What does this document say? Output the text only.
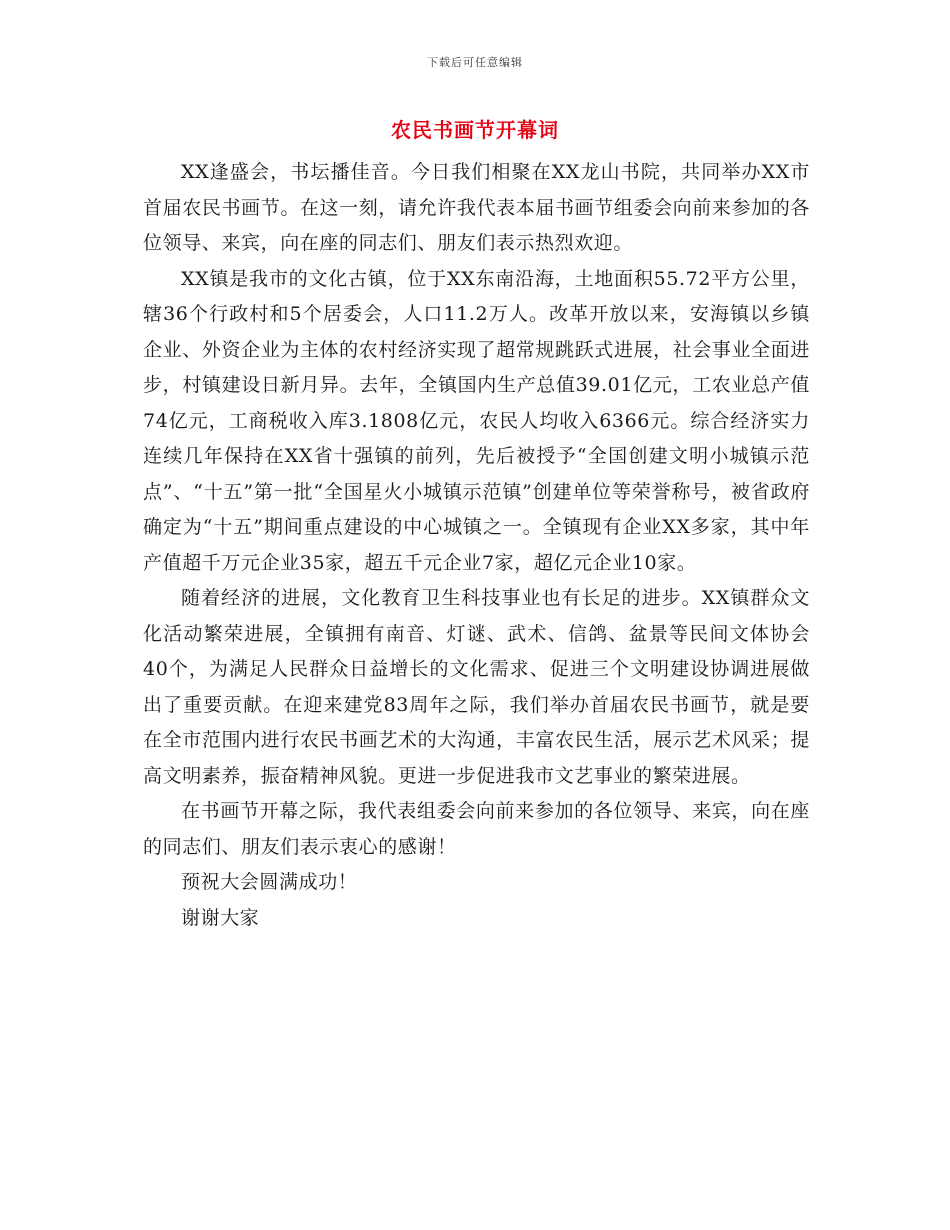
下载后可任意编辑
农民书画节开幕词

XX逢盛会，书坛播佳音。今日我们相聚在XX龙山书院，共同举办XX市首届农民书画节。在这一刻，请允许我代表本届书画节组委会向前来参加的各位领导、来宾，向在座的同志们、朋友们表示热烈欢迎。

XX镇是我市的文化古镇，位于XX东南沿海，土地面积55.72平方公里，辖36个行政村和5个居委会，人口11.2万人。改革开放以来，安海镇以乡镇企业、外资企业为主体的农村经济实现了超常规跳跃式进展，社会事业全面进步，村镇建设日新月异。去年，全镇国内生产总值39.01亿元，工农业总产值74亿元，工商税收入库3.1808亿元，农民人均收入6366元。综合经济实力连续几年保持在XX省十强镇的前列，先后被授予“全国创建文明小城镇示范点”、“十五”第一批“全国星火小城镇示范镇”创建单位等荣誉称号，被省政府确定为“十五”期间重点建设的中心城镇之一。全镇现有企业XX多家，其中年产值超千万元企业35家，超五千元企业7家，超亿元企业10家。

随着经济的进展，文化教育卫生科技事业也有长足的进步。XX镇群众文化活动繁荣进展，全镇拥有南音、灯谜、武术、信鸽、盆景等民间文体协会40个，为满足人民群众日益增长的文化需求、促进三个文明建设协调进展做出了重要贡献。在迎来建党83周年之际，我们举办首届农民书画节，就是要在全市范围内进行农民书画艺术的大沟通，丰富农民生活，展示艺术风采；提高文明素养，振奋精神风貌。更进一步促进我市文艺事业的繁荣进展。

在书画节开幕之际，我代表组委会向前来参加的各位领导、来宾，向在座的同志们、朋友们表示衷心的感谢！

预祝大会圆满成功！

谢谢大家
